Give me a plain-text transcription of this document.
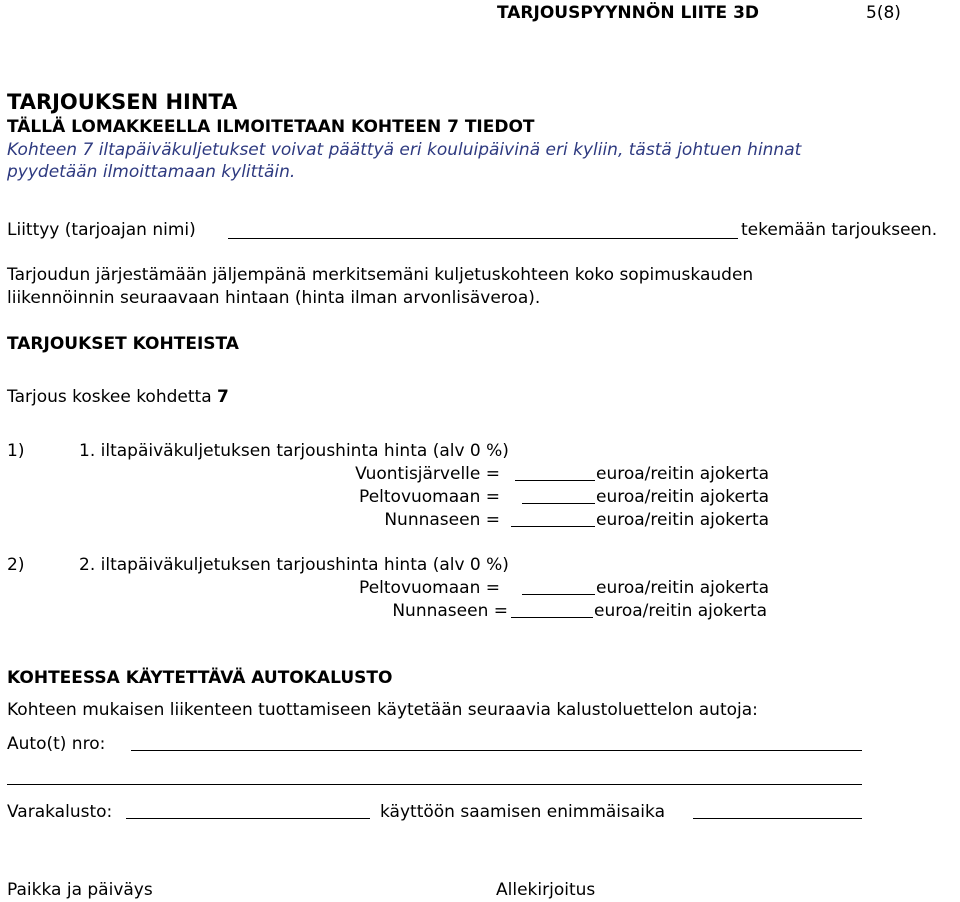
TARJOUSPYYNNÖN LIITE 3D	5(8)
TARJOUKSEN HINTA
TÄLLÄ LOMAKKEELLA ILMOITETAAN KOHTEEN 7 TIEDOT
Kohteen 7 iltapäiväkuljetukset voivat päättyä eri kouluipäivinä eri kyliin, tästä johtuen hinnat
pyydetään ilmoittamaan kylittäin.
Liittyy (tarjoajan nimi)	tekemään tarjoukseen.
Tarjoudun järjestämään jäljempänä merkitsemäni kuljetuskohteen koko sopimuskauden
liikennöinnin seuraavaan hintaan (hinta ilman arvonlisäveroa).
TARJOUKSET KOHTEISTA
Tarjous koskee kohdetta 7
1)	1. iltapäiväkuljetuksen tarjoushinta hinta (alv 0 %)
Vuontisjärvelle =	euroa/reitin ajokerta
Peltovuomaan =	euroa/reitin ajokerta
Nunnaseen =	euroa/reitin ajokerta
2)	2. iltapäiväkuljetuksen tarjoushinta hinta (alv 0 %)
Peltovuomaan =	euroa/reitin ajokerta
Nunnaseen =	euroa/reitin ajokerta
KOHTEESSA KÄYTETTÄVÄ AUTOKALUSTO
Kohteen mukaisen liikenteen tuottamiseen käytetään seuraavia kalustoluettelon autoja:
Auto(t) nro:
Varakalusto:	käyttöön saamisen enimmäisaika
Paikka ja päiväys	Allekirjoitus
